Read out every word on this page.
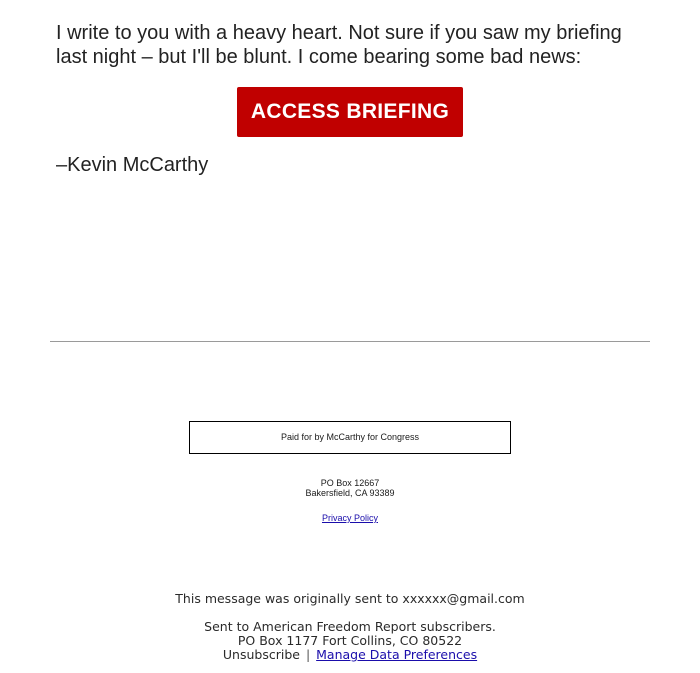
I write to you with a heavy heart. Not sure if you saw my briefing last night – but I'll be blunt. I come bearing some bad news:

ACCESS BRIEFING

–Kevin McCarthy

Paid for by McCarthy for Congress
PO Box 12667
Bakersfield, CA 93389
Privacy Policy
This message was originally sent to xxxxxx@gmail.com
Sent to American Freedom Report subscribers.
PO Box 1177 Fort Collins, CO 80522
Unsubscribe | Manage Data Preferences
